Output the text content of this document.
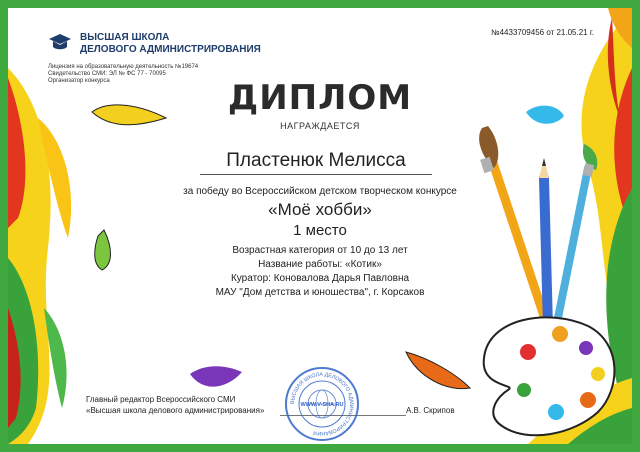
ВЫСШАЯ ШКОЛА
ДЕЛОВОГО АДМИНИСТРИРОВАНИЯ
Лицензия на образовательную деятельность №19674
Свидетельство СМИ: ЭЛ № ФС 77 - 70095
Организатор конкурса
№4433709456 от 21.05.21 г.
ДИПЛОМ
НАГРАЖДАЕТСЯ
Пластенюк Мелисса
за победу во Всероссийском детском творческом конкурсе
«Моё хобби»
1 место
Возрастная категория от 10 до 13 лет
Название работы: «Котик»
Куратор: Коновалова Дарья Павловна
МАУ "Дом детства и юношества", г. Корсаков
Главный редактор Всероссийского СМИ
«Высшая школа делового администрирования»	А.В. Скрипов
ВЫСШАЯ ШКОЛА ДЕЛОВОГО АДМИНИСТРИРОВАНИЯ
WWW.V-SHA.RU
